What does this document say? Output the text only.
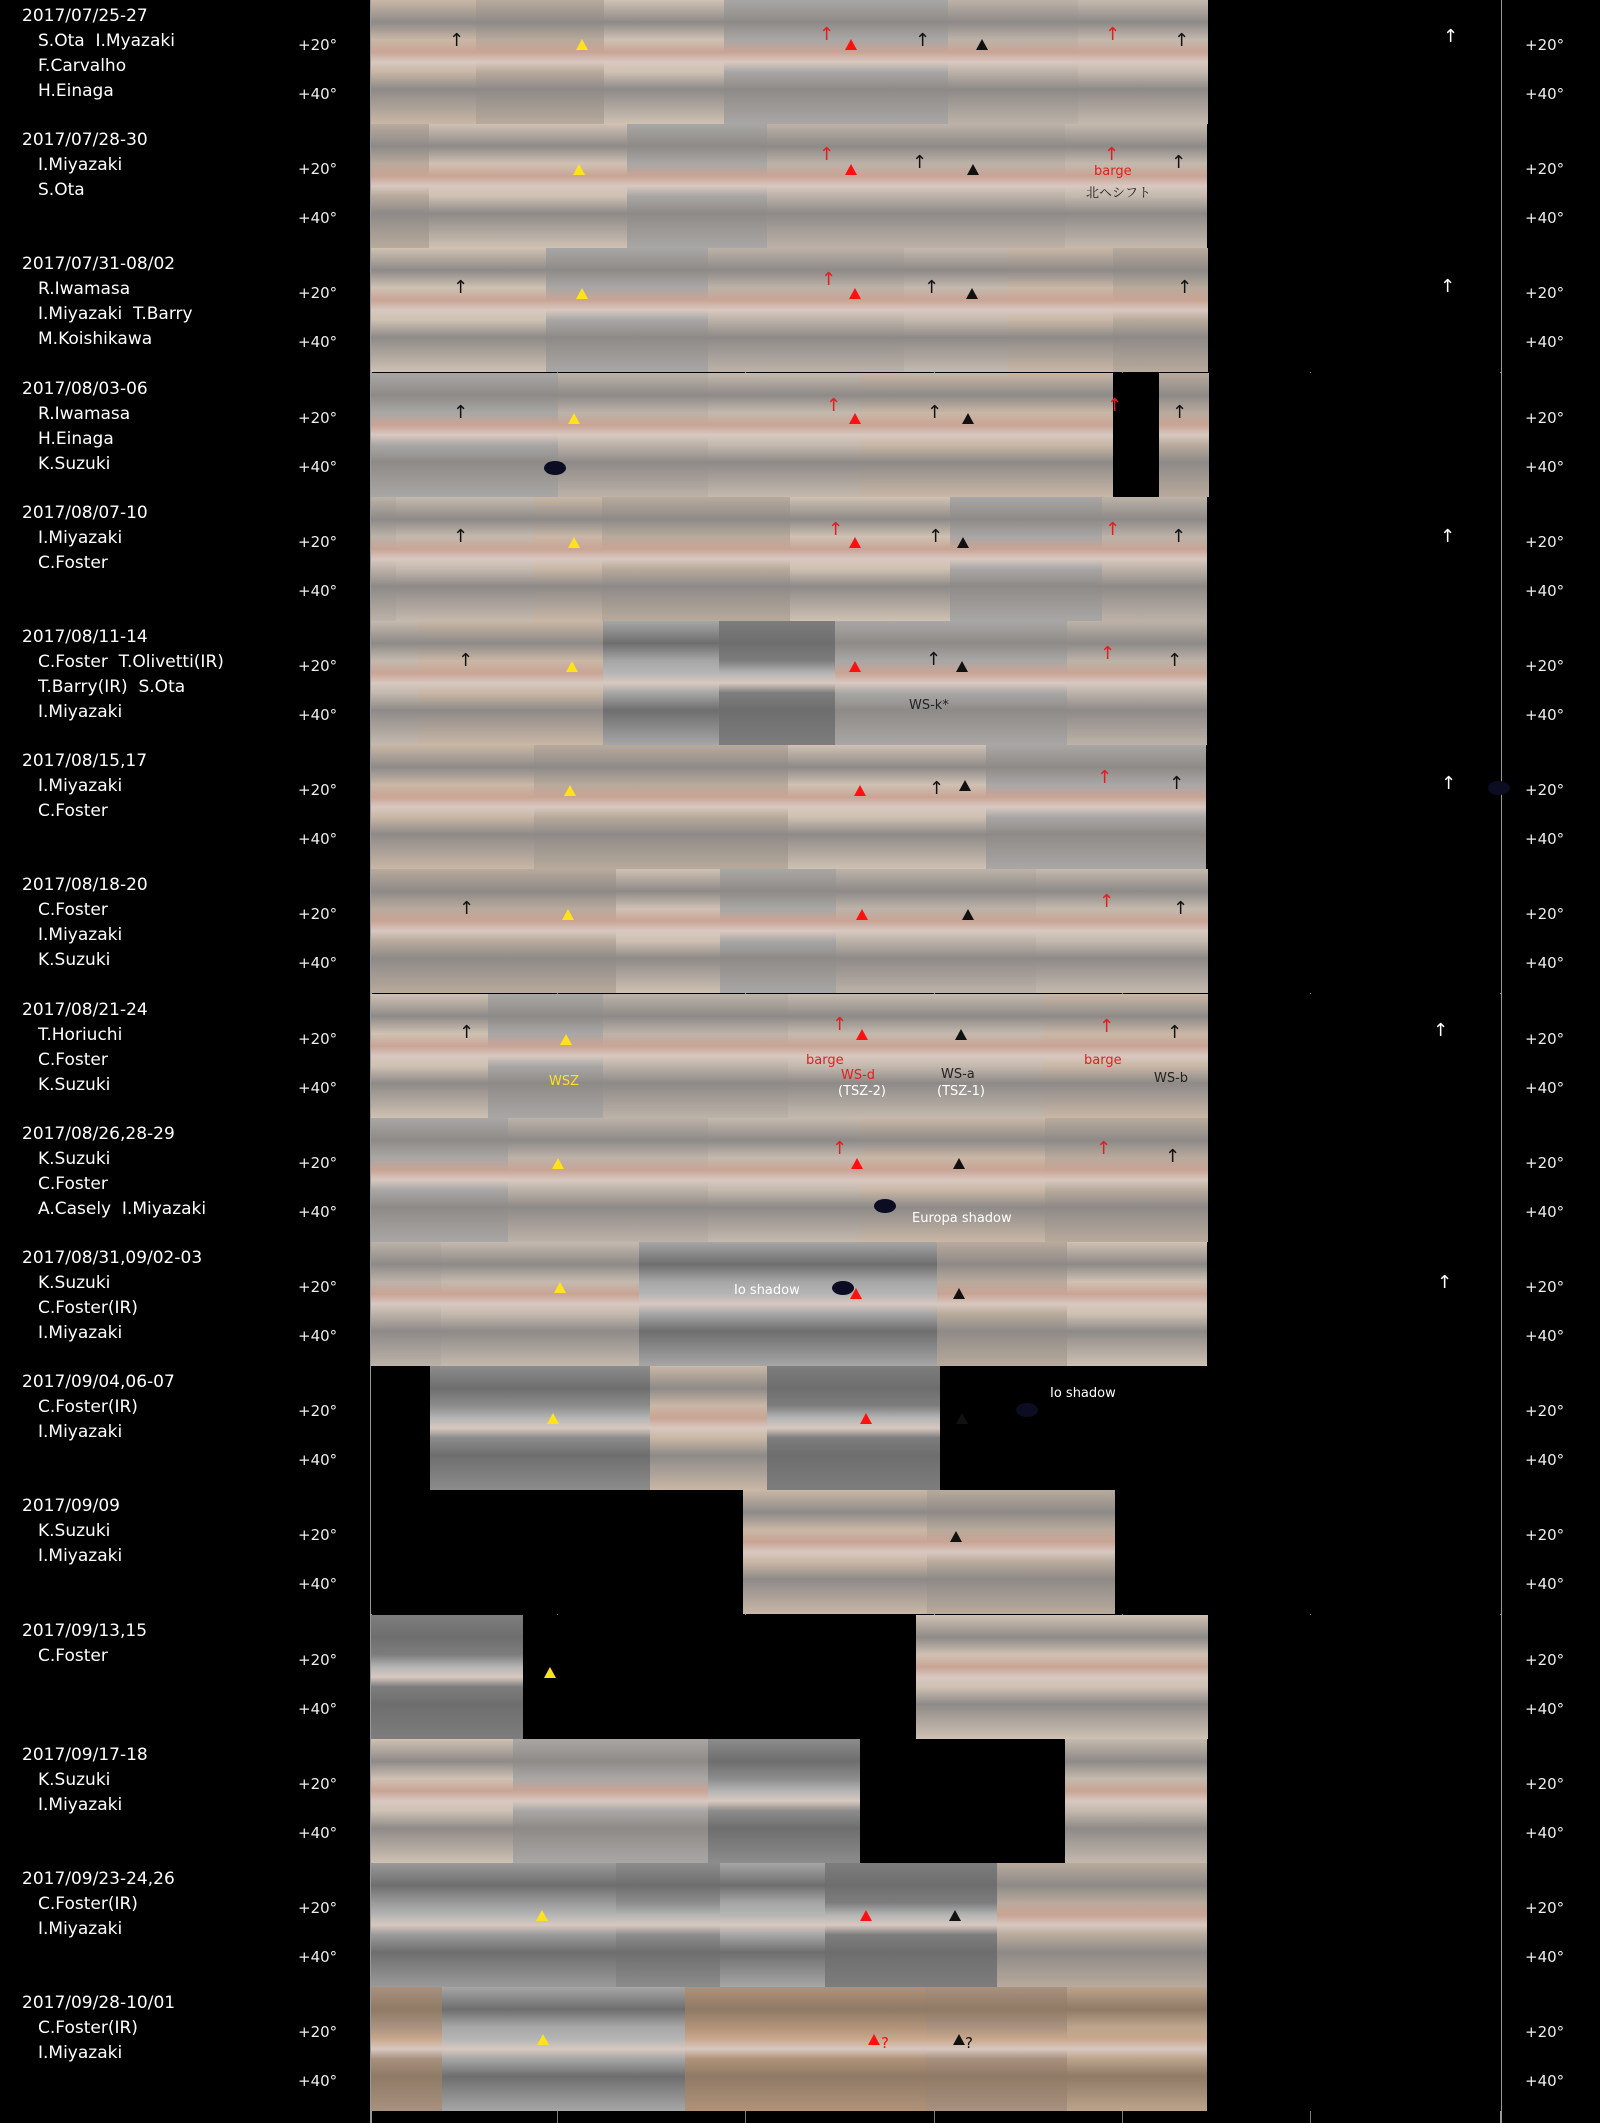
2017/07/25-27
S.Ota  I.Myazaki
F.Carvalho
H.Einaga
+20°
+40°
+20°
+40°
↑	↑	↑	↑	↑	↑
2017/07/28-30
I.Miyazaki
S.Ota
+20°
+40°
+20°
+40°
↑	↑	↑	↑
barge
北ヘシフト
2017/07/31-08/02
R.Iwamasa
I.Miyazaki  T.Barry
M.Koishikawa
+20°
+40°
+20°
+40°
↑	↑	↑	↑	↑
2017/08/03-06
R.Iwamasa
H.Einaga
K.Suzuki
+20°
+40°
+20°
+40°
↑	↑	↑	↑	↑
2017/08/07-10
I.Miyazaki
C.Foster
+20°
+40°
+20°
+40°
↑	↑	↑	↑	↑	↑
2017/08/11-14
C.Foster  T.Olivetti(IR)
T.Barry(IR)  S.Ota
I.Miyazaki
+20°
+40°
+20°
+40°
↑	↑	↑	↑
WS-k*
2017/08/15,17
I.Miyazaki
C.Foster
+20°
+40°
+20°
+40°
↑
↑	↑	↑
2017/08/18-20
C.Foster
I.Miyazaki
K.Suzuki
+20°
+40°
+20°
+40°
↑	↑	↑
2017/08/21-24
T.Horiuchi
C.Foster
K.Suzuki
+20°
+40°
+20°
+40°
↑	↑	↑	↑	↑
WSZ
barge
WS-d
(TSZ-2)
WS-a
(TSZ-1)
barge
WS-b
2017/08/26,28-29
K.Suzuki
C.Foster
A.Casely  I.Miyazaki
+20°
+40°
+20°
+40°
↑	↑	↑
Europa shadow
2017/08/31,09/02-03
K.Suzuki
C.Foster(IR)
I.Miyazaki
+20°
+40°
+20°
+40°
↑
Io shadow
2017/09/04,06-07
C.Foster(IR)
I.Miyazaki
+20°
+40°
+20°
+40°
Io shadow
2017/09/09
K.Suzuki
I.Miyazaki
+20°
+40°
+20°
+40°
2017/09/13,15
C.Foster	+20°
+40°
+20°
+40°
2017/09/17-18
K.Suzuki
I.Miyazaki
+20°
+40°
+20°
+40°
2017/09/23-24,26
C.Foster(IR)
I.Miyazaki
+20°
+40°
+20°
+40°
2017/09/28-10/01
C.Foster(IR)
I.Miyazaki
+20°
+40°
+20°
+40°
?	?
